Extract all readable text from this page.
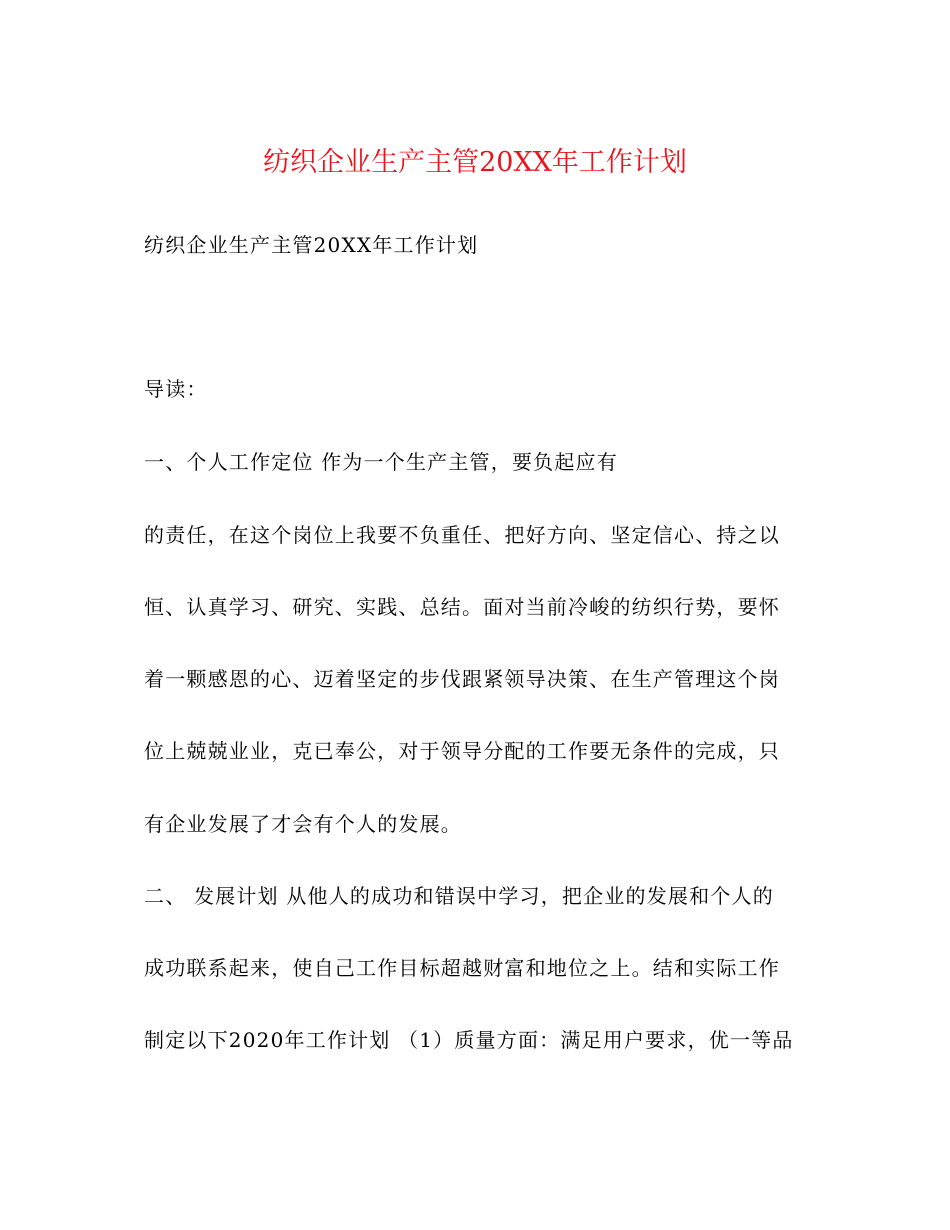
纺织企业生产主管20XX年工作计划
纺织企业生产主管20XX年工作计划
导读：
一、个人工作定位 作为一个生产主管，要负起应有
的责任，在这个岗位上我要不负重任、把好方向、坚定信心、持之以
恒、认真学习、研究、实践、总结。面对当前冷峻的纺织行势，要怀
着一颗感恩的心、迈着坚定的步伐跟紧领导决策、在生产管理这个岗
位上兢兢业业，克已奉公，对于领导分配的工作要无条件的完成，只
有企业发展了才会有个人的发展。
二、 发展计划 从他人的成功和错误中学习，把企业的发展和个人的
成功联系起来，使自己工作目标超越财富和地位之上。结和实际工作
制定以下2020年工作计划 （1）质量方面：满足用户要求，优一等品
